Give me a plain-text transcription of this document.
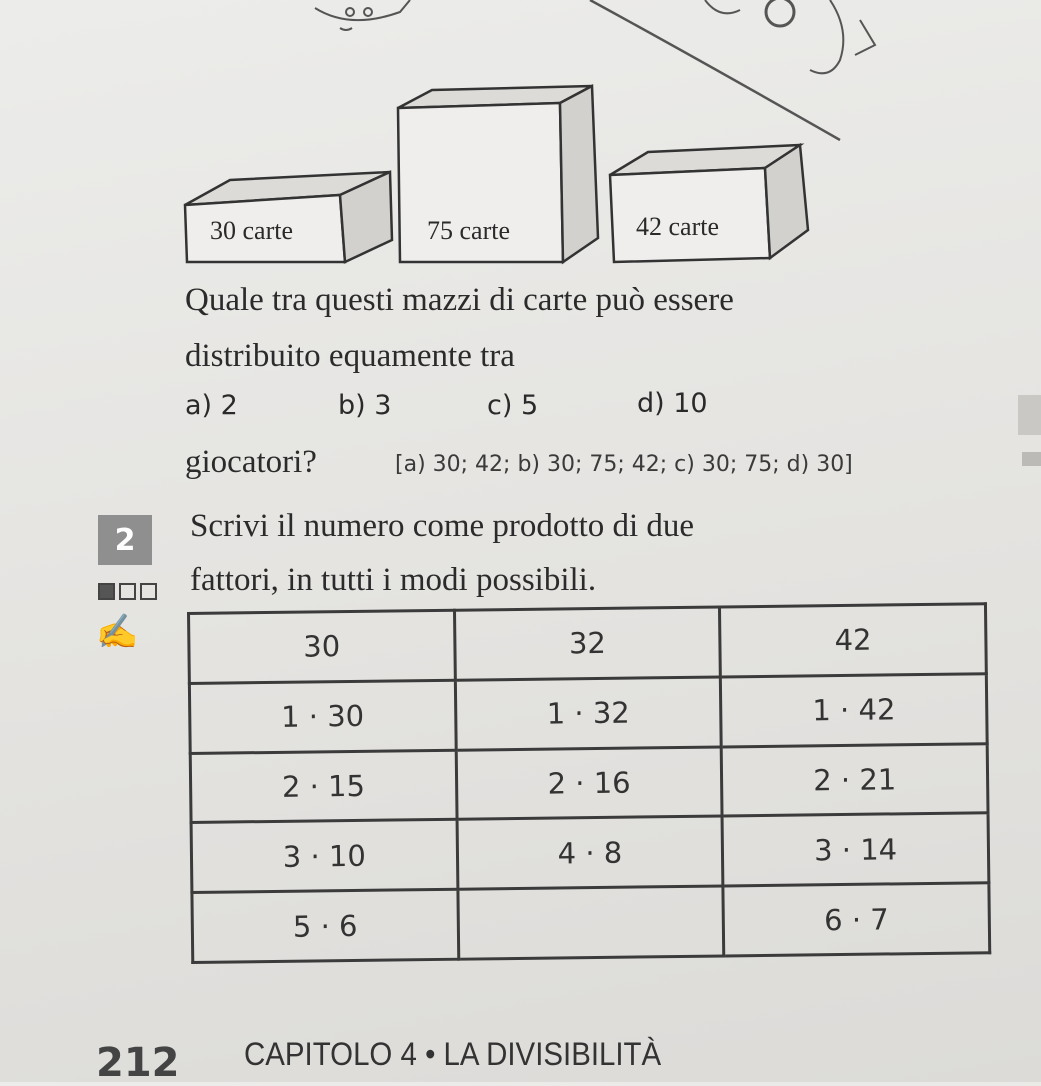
30 carte	75 carte	42 carte
Quale tra questi mazzi di carte può essere
distribuito equamente tra
a) 2	b) 3	c) 5	d) 10
giocatori?	[a) 30; 42; b) 30; 75; 42; c) 30; 75; d) 30]
2	Scrivi il numero come prodotto di due
fattori, in tutti i modi possibili.
✍	30	32	42
1 · 30	1 · 32	1 · 42
2 · 15	2 · 16	2 · 21
3 · 10	4 · 8	3 · 14
5 · 6		6 · 7
212 CAPITOLO 4 • LA DIVISIBILITÀ
